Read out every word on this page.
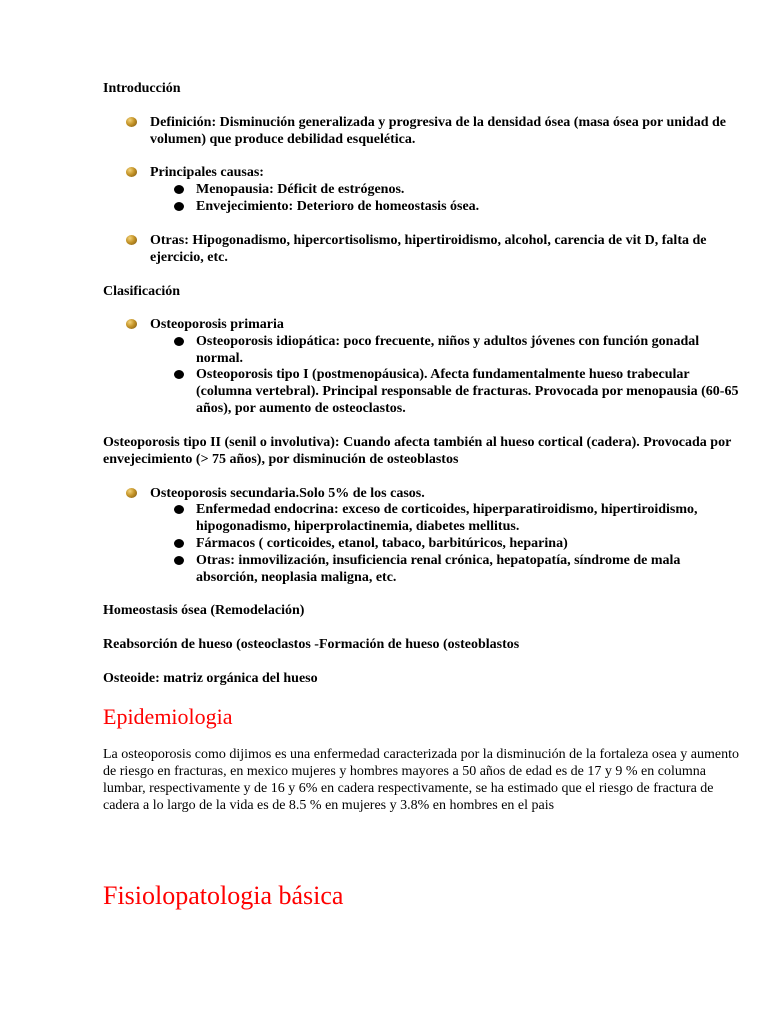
Introducción
Definición: Disminución generalizada y progresiva de la densidad ósea (masa ósea por unidad de volumen) que produce debilidad esquelética.
Principales causas:
Menopausia: Déficit de estrógenos.
Envejecimiento: Deterioro de homeostasis ósea.
Otras: Hipogonadismo, hipercortisolismo, hipertiroidismo, alcohol, carencia de vit D, falta de ejercicio, etc.
Clasificación
Osteoporosis primaria
Osteoporosis idiopática: poco frecuente, niños y adultos jóvenes con función gonadal normal.
Osteoporosis tipo I (postmenopáusica). Afecta fundamentalmente hueso trabecular (columna vertebral). Principal responsable de fracturas. Provocada por menopausia (60-65 años), por aumento de osteoclastos.
Osteoporosis tipo II (senil o involutiva): Cuando afecta también al hueso cortical (cadera). Provocada por envejecimiento (> 75 años), por disminución de osteoblastos
Osteoporosis secundaria.Solo 5% de los casos.
Enfermedad endocrina: exceso de corticoides, hiperparatiroidismo, hipertiroidismo, hipogonadismo, hiperprolactinemia, diabetes mellitus.
Fármacos ( corticoides, etanol, tabaco, barbitúricos, heparina)
Otras: inmovilización, insuficiencia renal crónica, hepatopatía, síndrome de mala absorción, neoplasia maligna, etc.
Homeostasis ósea (Remodelación)
Reabsorción de hueso (osteoclastos -Formación de hueso (osteoblastos
Osteoide: matriz orgánica del hueso
Epidemiologia
La osteoporosis como dijimos es una enfermedad caracterizada por la disminución de la fortaleza osea y aumento de riesgo en fracturas, en mexico mujeres y hombres mayores a 50 años de edad es de 17 y 9 % en columna lumbar, respectivamente y de 16 y 6% en cadera respectivamente, se ha estimado que el riesgo de fractura de cadera a lo largo de la vida es de 8.5 % en mujeres y 3.8% en hombres en el pais
Fisiolopatologia básica
